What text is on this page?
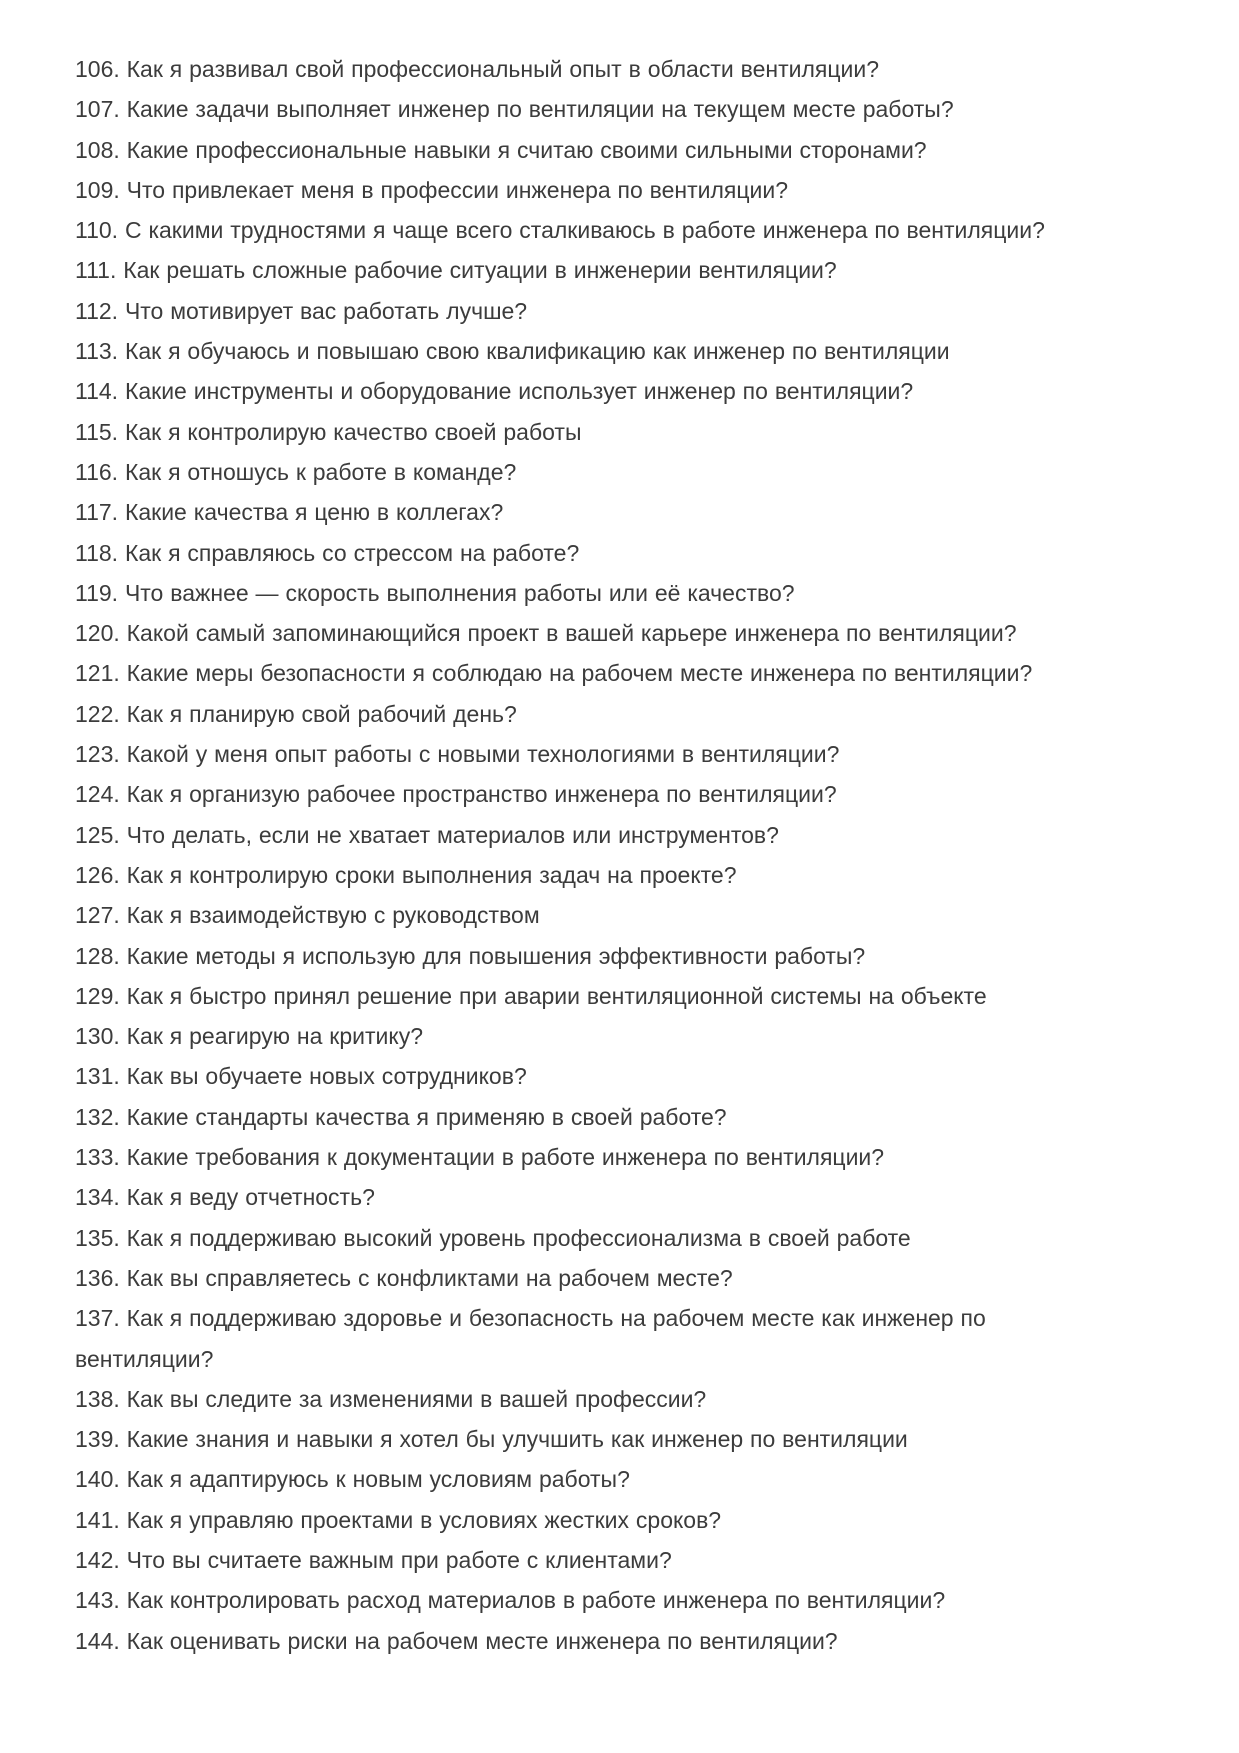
106. Как я развивал свой профессиональный опыт в области вентиляции?

107. Какие задачи выполняет инженер по вентиляции на текущем месте работы?

108. Какие профессиональные навыки я считаю своими сильными сторонами?

109. Что привлекает меня в профессии инженера по вентиляции?

110. С какими трудностями я чаще всего сталкиваюсь в работе инженера по вентиляции?

111. Как решать сложные рабочие ситуации в инженерии вентиляции?

112. Что мотивирует вас работать лучше?

113. Как я обучаюсь и повышаю свою квалификацию как инженер по вентиляции

114. Какие инструменты и оборудование использует инженер по вентиляции?

115. Как я контролирую качество своей работы

116. Как я отношусь к работе в команде?

117. Какие качества я ценю в коллегах?

118. Как я справляюсь со стрессом на работе?

119. Что важнее — скорость выполнения работы или её качество?

120. Какой самый запоминающийся проект в вашей карьере инженера по вентиляции?

121. Какие меры безопасности я соблюдаю на рабочем месте инженера по вентиляции?

122. Как я планирую свой рабочий день?

123. Какой у меня опыт работы с новыми технологиями в вентиляции?

124. Как я организую рабочее пространство инженера по вентиляции?

125. Что делать, если не хватает материалов или инструментов?

126. Как я контролирую сроки выполнения задач на проекте?

127. Как я взаимодействую с руководством

128. Какие методы я использую для повышения эффективности работы?

129. Как я быстро принял решение при аварии вентиляционной системы на объекте

130. Как я реагирую на критику?

131. Как вы обучаете новых сотрудников?

132. Какие стандарты качества я применяю в своей работе?

133. Какие требования к документации в работе инженера по вентиляции?

134. Как я веду отчетность?

135. Как я поддерживаю высокий уровень профессионализма в своей работе

136. Как вы справляетесь с конфликтами на рабочем месте?

137. Как я поддерживаю здоровье и безопасность на рабочем месте как инженер по вентиляции?

138. Как вы следите за изменениями в вашей профессии?

139. Какие знания и навыки я хотел бы улучшить как инженер по вентиляции

140. Как я адаптируюсь к новым условиям работы?

141. Как я управляю проектами в условиях жестких сроков?

142. Что вы считаете важным при работе с клиентами?

143. Как контролировать расход материалов в работе инженера по вентиляции?

144. Как оценивать риски на рабочем месте инженера по вентиляции?
